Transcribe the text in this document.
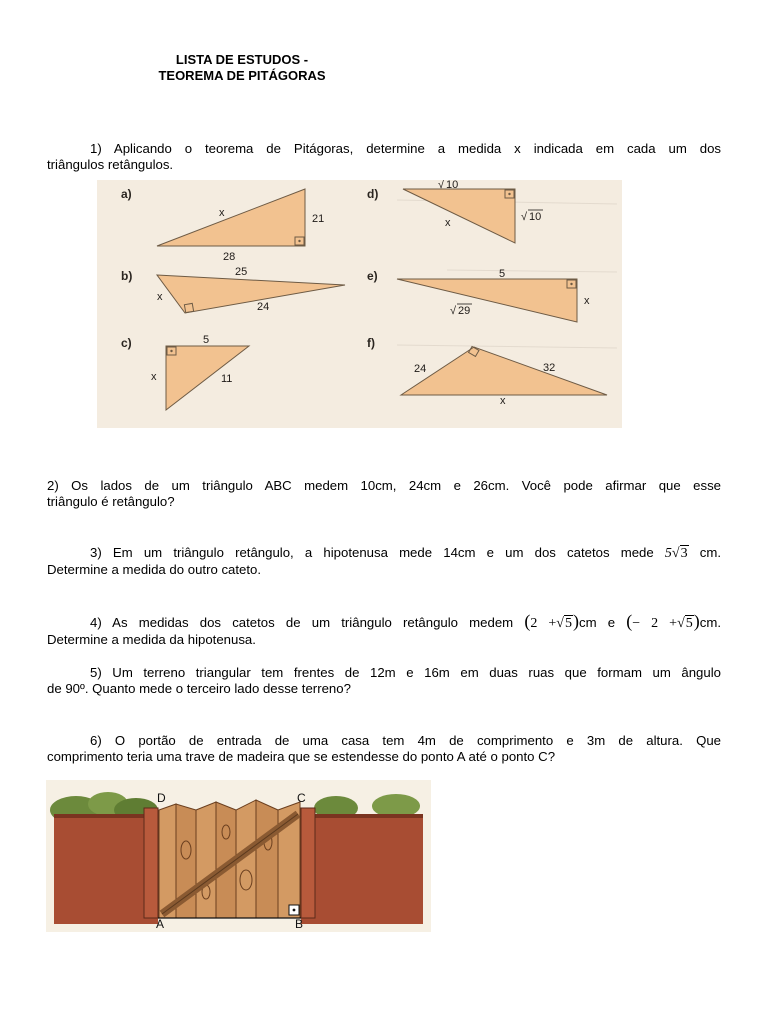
LISTA DE ESTUDOS -
TEOREMA DE PITÁGORAS

1) Aplicando o teorema de Pitágoras, determine a medida x indicada em cada um dos

triângulos retângulos.

a)
x	21
28
b)	25
x
24
c)	5
x	11
d)
√ 10
√ 10
x
e)	5
x
√ 29
f)
24	32
x

2) Os lados de um triângulo ABC medem 10cm, 24cm e 26cm. Você pode afirmar que esse

triângulo é retângulo?

3) Em um triângulo retângulo, a hipotenusa mede 14cm e um dos catetos mede 5√3 cm.

Determine a medida do outro cateto.

4) As medidas dos catetos de um triângulo retângulo medem (2 +√5)cm e (− 2 +√5)cm.

Determine a medida da hipotenusa.

5) Um terreno triangular tem frentes de 12m e 16m em duas ruas que formam um ângulo

de 90º. Quanto mede o terceiro lado desse terreno?

6) O portão de entrada de uma casa tem 4m de comprimento e 3m de altura. Que

comprimento teria uma trave de madeira que se estendesse do ponto A até o ponto C?

D	C
A	B
